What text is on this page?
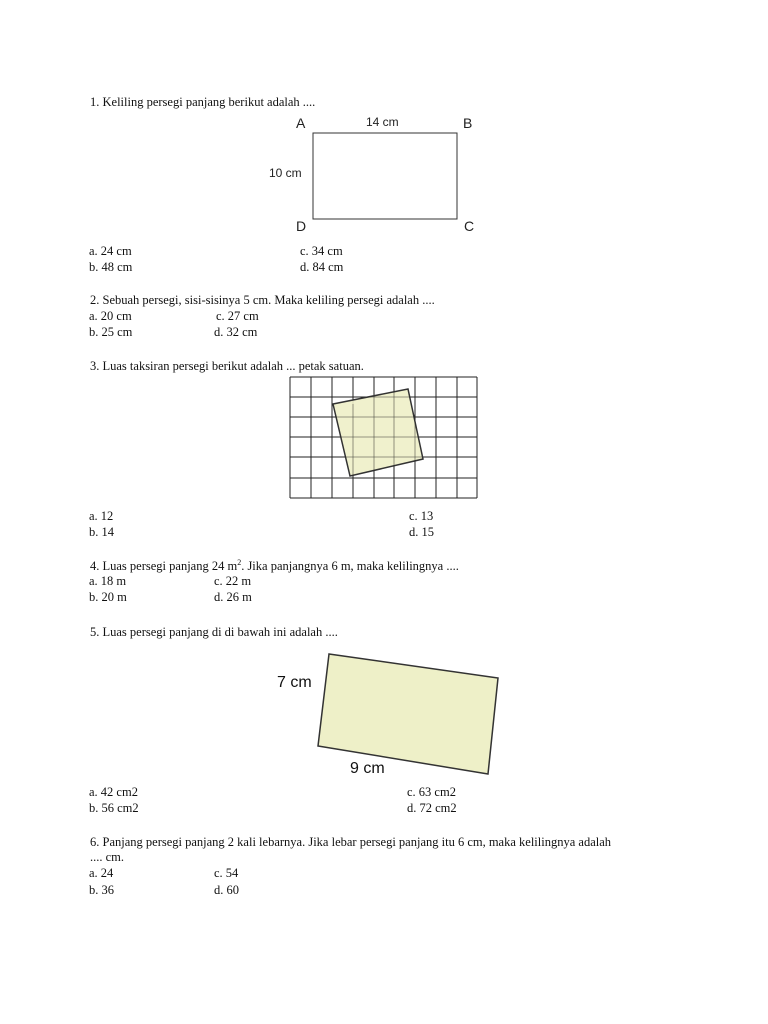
1. Keliling persegi panjang berikut adalah ....
A	14 cm	B
10 cm
D	C
a. 24 cm	c. 34 cm
b. 48 cm	d. 84 cm
2. Sebuah persegi, sisi-sisinya 5 cm. Maka keliling persegi adalah ....
a. 20 cm	c. 27 cm
b. 25 cm	d. 32 cm
3. Luas taksiran persegi berikut adalah ... petak satuan.
a. 12	c. 13
b. 14	d. 15
4. Luas persegi panjang 24 $m^2$. Jika panjangnya 6 m, maka kelilingnya ....
a. 18 m	c. 22 m
b. 20 m	d. 26 m
5. Luas persegi panjang di di bawah ini adalah ....
7 cm
9 cm
a. 42 cm2	c. 63 cm2
b. 56 cm2	d. 72 cm2
6. Panjang persegi panjang 2 kali lebarnya. Jika lebar persegi panjang itu 6 cm, maka kelilingnya adalah
.... cm.
a. 24	c. 54
b. 36	d. 60
